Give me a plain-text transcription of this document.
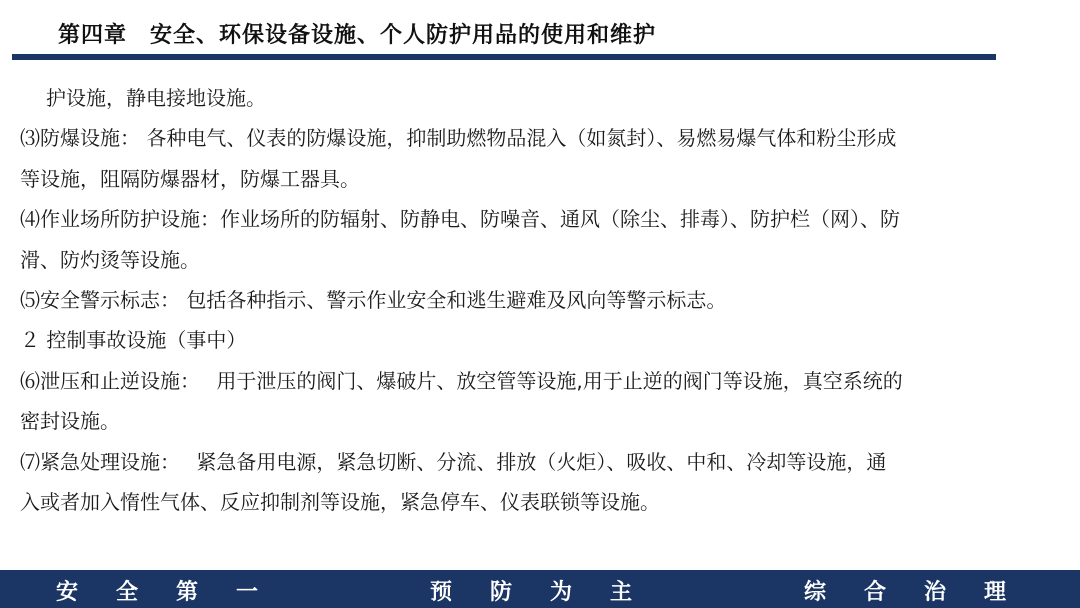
第四章　安全、环保设备设施、个人防护用品的使用和维护
护设施，静电接地设施。
⑶防爆设施： 各种电气、仪表的防爆设施，抑制助燃物品混入（如氮封）、易燃易爆气体和粉尘形成
等设施，阻隔防爆器材，防爆工器具。
⑷作业场所防护设施：作业场所的防辐射、防静电、防噪音、通风（除尘、排毒）、防护栏（网）、防
滑、防灼烫等设施。
⑸安全警示标志： 包括各种指示、警示作业安全和逃生避难及风向等警示标志。
２ 控制事故设施（事中）
⑹泄压和止逆设施：　 用于泄压的阀门、爆破片、放空管等设施,用于止逆的阀门等设施，真空系统的
密封设施。
⑺紧急处理设施：　 紧急备用电源，紧急切断、分流、排放（火炬）、吸收、中和、冷却等设施，通
入或者加入惰性气体、反应抑制剂等设施，紧急停车、仪表联锁等设施。
安全第一	预防为主	综合治理
